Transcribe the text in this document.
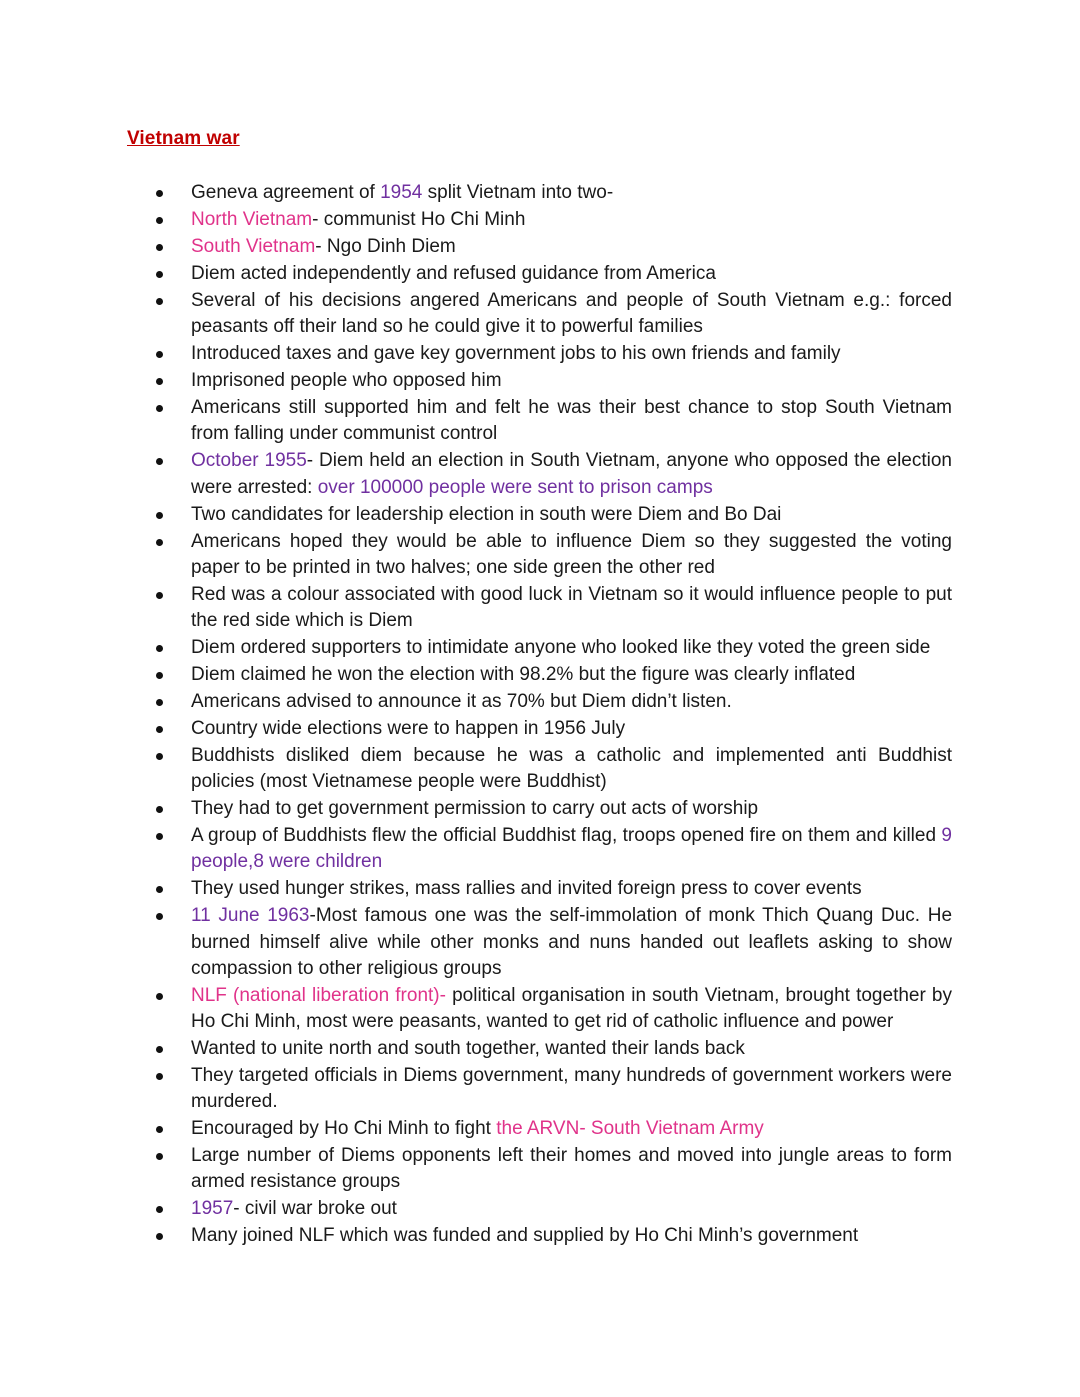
Vietnam war
Geneva agreement of 1954 split Vietnam into two-
North Vietnam- communist Ho Chi Minh
South Vietnam- Ngo Dinh Diem
Diem acted independently and refused guidance from America
Several of his decisions angered Americans and people of South Vietnam e.g.: forced peasants off their land so he could give it to powerful families
Introduced taxes and gave key government jobs to his own friends and family
Imprisoned people who opposed him
Americans still supported him and felt he was their best chance to stop South Vietnam from falling under communist control
October 1955- Diem held an election in South Vietnam, anyone who opposed the election were arrested: over 100000 people were sent to prison camps
Two candidates for leadership election in south were Diem and Bo Dai
Americans hoped they would be able to influence Diem so they suggested the voting paper to be printed in two halves; one side green the other red
Red was a colour associated with good luck in Vietnam so it would influence people to put the red side which is Diem
Diem ordered supporters to intimidate anyone who looked like they voted the green side
Diem claimed he won the election with 98.2% but the figure was clearly inflated
Americans advised to announce it as 70% but Diem didn’t listen.
Country wide elections were to happen in 1956 July
Buddhists disliked diem because he was a catholic and implemented anti Buddhist policies (most Vietnamese people were Buddhist)
They had to get government permission to carry out acts of worship
A group of Buddhists flew the official Buddhist flag, troops opened fire on them and killed 9 people,8 were children
They used hunger strikes, mass rallies and invited foreign press to cover events
11 June 1963-Most famous one was the self-immolation of monk Thich Quang Duc. He burned himself alive while other monks and nuns handed out leaflets asking to show compassion to other religious groups
NLF (national liberation front)- political organisation in south Vietnam, brought together by Ho Chi Minh, most were peasants, wanted to get rid of catholic influence and power
Wanted to unite north and south together, wanted their lands back
They targeted officials in Diems government, many hundreds of government workers were murdered.
Encouraged by Ho Chi Minh to fight the ARVN- South Vietnam Army
Large number of Diems opponents left their homes and moved into jungle areas to form armed resistance groups
1957- civil war broke out
Many joined NLF which was funded and supplied by Ho Chi Minh’s government
